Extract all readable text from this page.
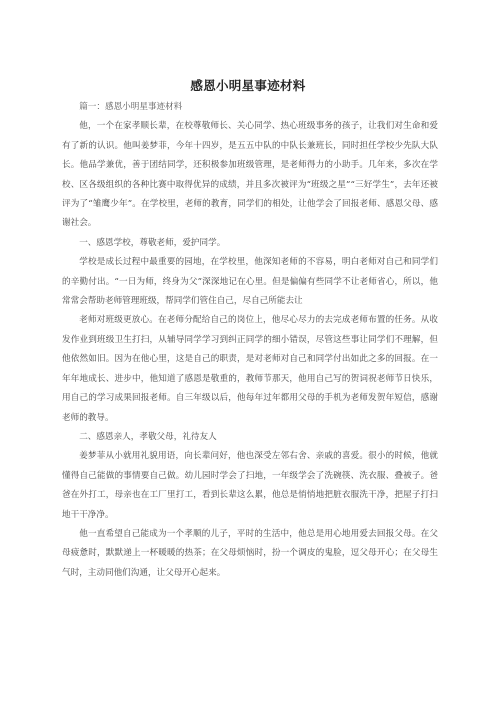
感恩小明星事迹材料

篇一：感恩小明星事迹材料

他，一个在家孝顺长辈，在校尊敬师长、关心同学、热心班级事务的孩子，让我们对生命和爱有了新的认识。他叫姜梦菲，今年十四岁，是五五中队的中队长兼班长，同时担任学校少先队大队长。他品学兼优，善于团结同学，还积极参加班级管理，是老师得力的小助手。几年来，多次在学校、区各级组织的各种比赛中取得优异的成绩，并且多次被评为“班级之星”“三好学生”，去年还被评为了“雏鹰少年”。在学校里，老师的教育，同学们的相处，让他学会了回报老师、感恩父母、感谢社会。

一、感恩学校，尊敬老师，爱护同学。

学校是成长过程中最重要的园地，在学校里，他深知老师的不容易，明白老师对自己和同学们的辛勤付出。“一日为师，终身为父”深深地记在心里。但是偏偏有些同学不让老师省心，所以，他常常会帮助老师管理班级，帮同学们管住自己，尽自己所能去让

老师对班级更放心。在老师分配给自己的岗位上，他尽心尽力的去完成老师布置的任务。从收发作业到班级卫生打扫，从辅导同学学习到纠正同学的细小错误，尽管这些事让同学们不理解，但他依然如旧。因为在他心里，这是自己的职责，是对老师对自己和同学付出如此之多的回报。在一年年地成长、进步中，他知道了感恩是敬重的，教师节那天，他用自己写的贺词祝老师节日快乐，用自己的学习成果回报老师。自三年级以后，他每年过年都用父母的手机为老师发贺年短信，感谢老师的教导。

二、感恩亲人，孝敬父母，礼待友人

姜梦菲从小就用礼貌用语，向长辈问好，他也深受左邻右舍、亲戚的喜爱。很小的时候，他就懂得自己能做的事情要自己做。幼儿园时学会了扫地，一年级学会了洗碗筷、洗衣服、叠被子。爸爸在外打工，母亲也在工厂里打工，看到长辈这么累，他总是悄悄地把脏衣服洗干净，把屋子打扫地干干净净。

他一直希望自己能成为一个孝顺的儿子，平时的生活中，他总是用心地用爱去回报父母。在父母疲惫时，默默递上一杯暖暖的热茶；在父母烦恼时，扮一个调皮的鬼脸，逗父母开心；在父母生气时，主动同他们沟通，让父母开心起来。
